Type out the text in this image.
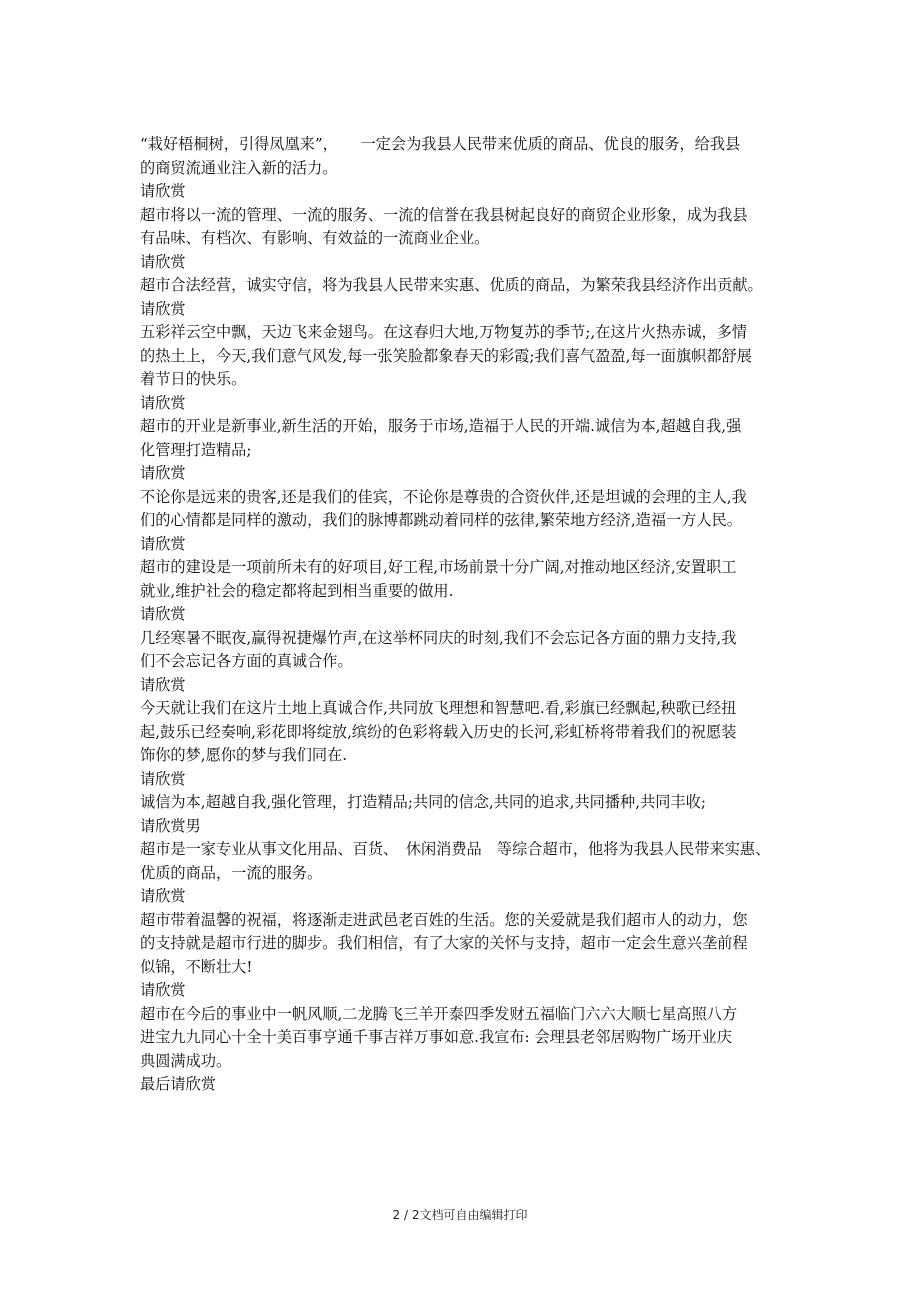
“栽好梧桐树，引得凤凰来”，　　一定会为我县人民带来优质的商品、优良的服务，给我县
的商贸流通业注入新的活力。
请欣赏
超市将以一流的管理、一流的服务、一流的信誉在我县树起良好的商贸企业形象，成为我县
有品味、有档次、有影响、有效益的一流商业企业。
请欣赏
超市合法经营，诚实守信，将为我县人民带来实惠、优质的商品，为繁荣我县经济作出贡献。
请欣赏
五彩祥云空中飘，天边飞来金翅鸟。在这春归大地,万物复苏的季节;,在这片火热赤诚，多情
的热土上，今天,我们意气风发,每一张笑脸都象春天的彩霞;我们喜气盈盈,每一面旗帜都舒展
着节日的快乐。
请欣赏
超市的开业是新事业,新生活的开始，服务于市场,造福于人民的开端.诚信为本,超越自我,强
化管理打造精品;
请欣赏
不论你是远来的贵客,还是我们的佳宾，不论你是尊贵的合资伙伴,还是坦诚的会理的主人,我
们的心情都是同样的激动，我们的脉博都跳动着同样的弦律,繁荣地方经济,造福一方人民。
请欣赏
超市的建设是一项前所未有的好项目,好工程,市场前景十分广阔,对推动地区经济,安置职工
就业,维护社会的稳定都将起到相当重要的做用.
请欣赏
几经寒暑不眠夜,赢得祝捷爆竹声,在这举杯同庆的时刻,我们不会忘记各方面的鼎力支持,我
们不会忘记各方面的真诚合作。
请欣赏
今天就让我们在这片土地上真诚合作,共同放飞理想和智慧吧.看,彩旗已经飘起,秧歌已经扭
起,鼓乐已经奏响,彩花即将绽放,缤纷的色彩将载入历史的长河,彩虹桥将带着我们的祝愿装
饰你的梦,愿你的梦与我们同在.
请欣赏
诚信为本,超越自我,强化管理，打造精品;共同的信念,共同的追求,共同播种,共同丰收;
请欣赏男
超市是一家专业从事文化用品、百货、　休闲消费品　等综合超市，他将为我县人民带来实惠、
优质的商品，一流的服务。
请欣赏
超市带着温馨的祝福，将逐渐走进武邑老百姓的生活。您的关爱就是我们超市人的动力，您
的支持就是超市行进的脚步。我们相信，有了大家的关怀与支持，超市一定会生意兴垄前程
似锦，不断壮大!
请欣赏
超市在今后的事业中一帆风顺,二龙腾飞三羊开泰四季发财五福临门六六大顺七星高照八方
进宝九九同心十全十美百事亨通千事吉祥万事如意.我宣布: 会理县老邻居购物广场开业庆
典圆满成功。
最后请欣赏
2 / 2文档可自由编辑打印
